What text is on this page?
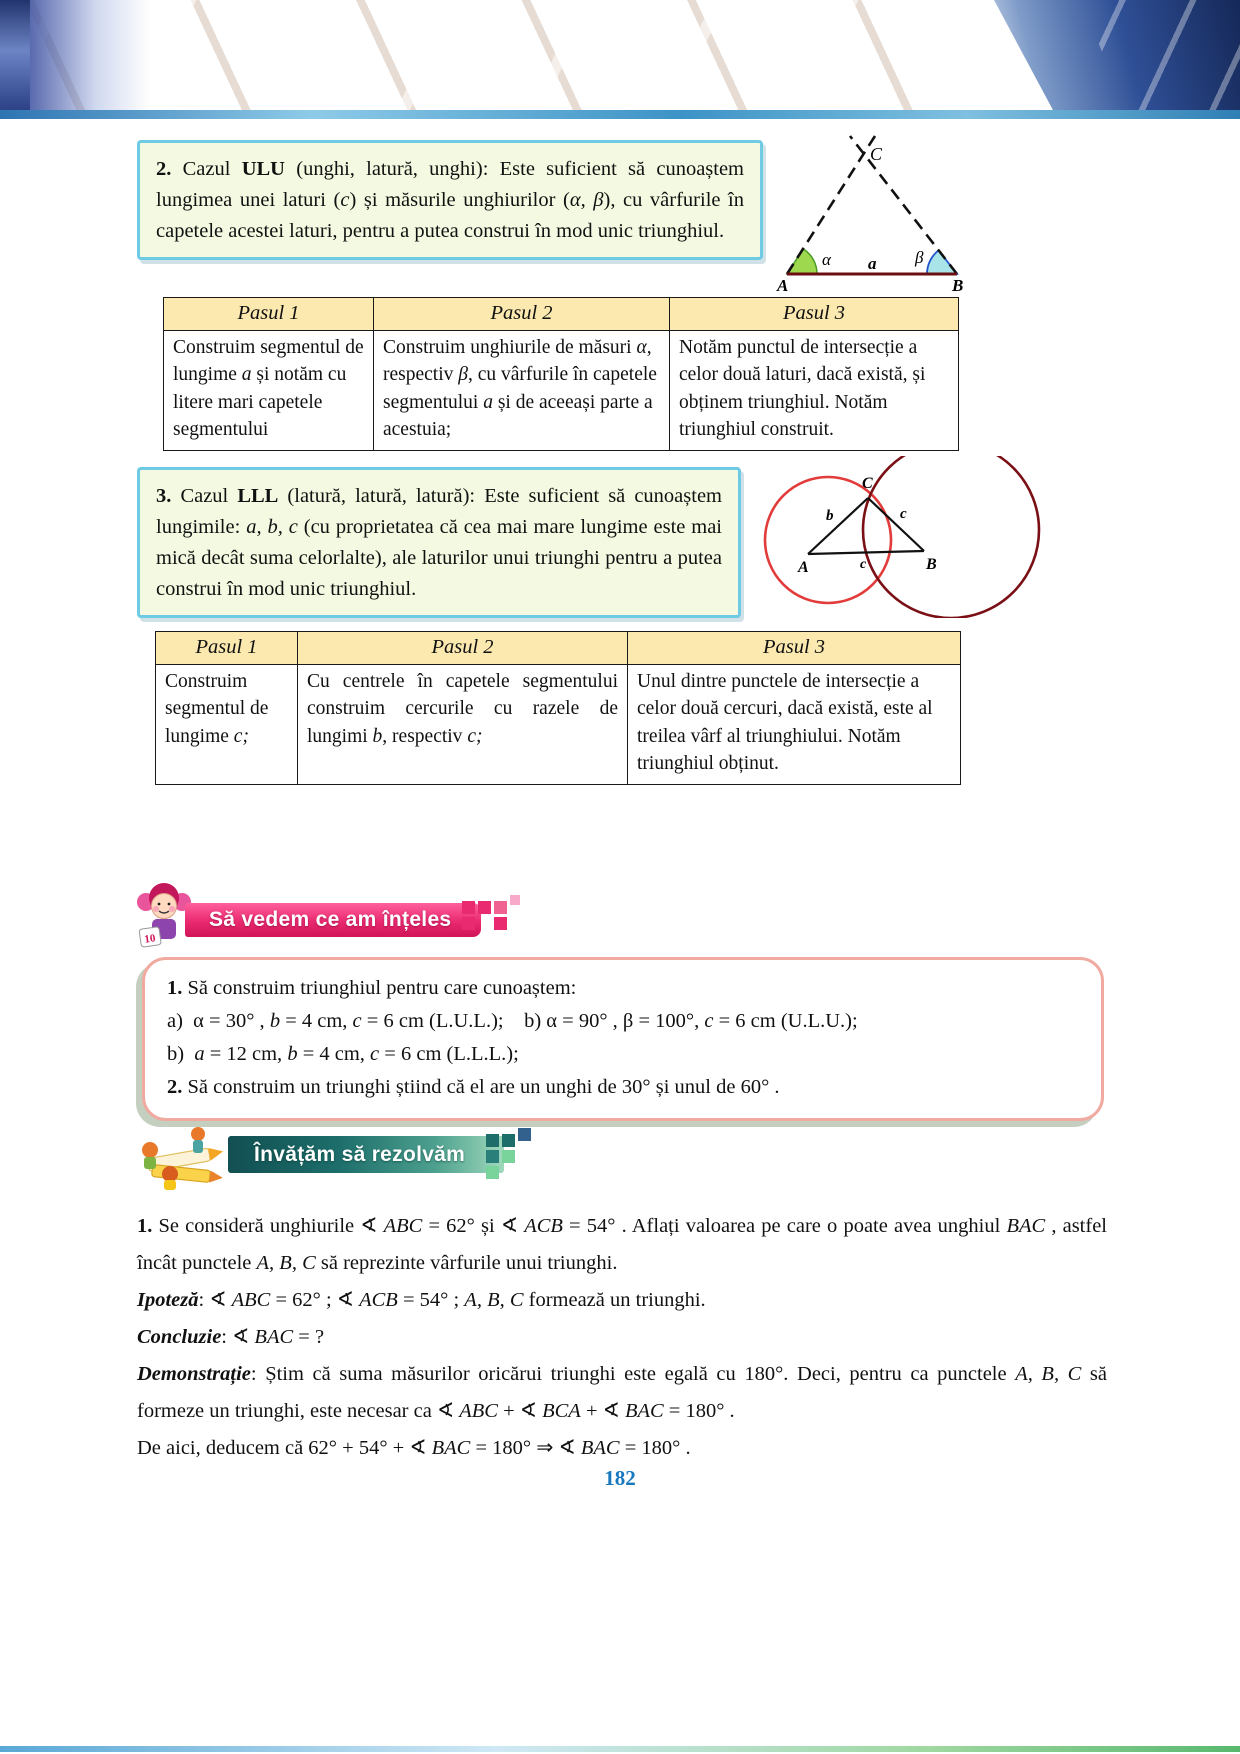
2. Cazul ULU (unghi, latură, unghi): Este suficient să cunoaștem lungimea unei laturi (c) și măsurile unghiurilor (α, β), cu vârfurile în capetele acestei laturi, pentru a putea construi în mod unic triunghiul.
C
α	β
A	B
a
Pasul 1	Pasul 2	Pasul 3
Construim segmentul de lungime a și notăm cu litere mari capetele segmentului	Construim unghiurile de măsuri α, respectiv β, cu vârfurile în capetele segmentului a și de aceeași parte a acestuia;	Notăm punctul de intersecție a celor două laturi, dacă există, și obținem triunghiul. Notăm triunghiul construit.
3. Cazul LLL (latură, latură, latură): Este suficient să cunoaștem lungimile: a, b, c (cu proprietatea că cea mai mare lungime este mai mică decât suma celorlalte), ale laturilor unui triunghi pentru a putea construi în mod unic triunghiul.
C
A	B
b	c
c
Pasul 1	Pasul 2	Pasul 3
Construim segmentul de lungime c;	Cu centrele în capetele segmentului construim cercurile cu razele de lungimi b, respectiv c;	Unul dintre punctele de intersecție a celor două cercuri, dacă există, este al treilea vârf al triunghiului. Notăm triunghiul obținut.
10
Să vedem ce am înțeles
1. Să construim triunghiul pentru care cunoaștem:
a)  α = 30° , b = 4 cm, c = 6 cm (L.U.L.);    b) α = 90° , β = 100°, c = 6 cm (U.L.U.);
b)  a = 12 cm, b = 4 cm, c = 6 cm (L.L.L.);
2. Să construim un triunghi știind că el are un unghi de 30° și unul de 60° .
Învățăm să rezolvăm

1. Se consideră unghiurile ∢ ABC = 62° și ∢ ACB = 54° . Aflați valoarea pe care o poate avea unghiul BAC , astfel încât punctele A, B, C să reprezinte vârfurile unui triunghi.

Ipoteză: ∢ ABC = 62° ; ∢ ACB = 54° ; A, B, C formează un triunghi.

Concluzie: ∢ BAC = ?

Demonstrație: Știm că suma măsurilor oricărui triunghi este egală cu 180°. Deci, pentru ca punctele A, B, C să formeze un triunghi, este necesar ca ∢ ABC + ∢ BCA + ∢ BAC = 180° .

De aici, deducem că 62° + 54° + ∢ BAC = 180° ⇒ ∢ BAC = 180° .

182
